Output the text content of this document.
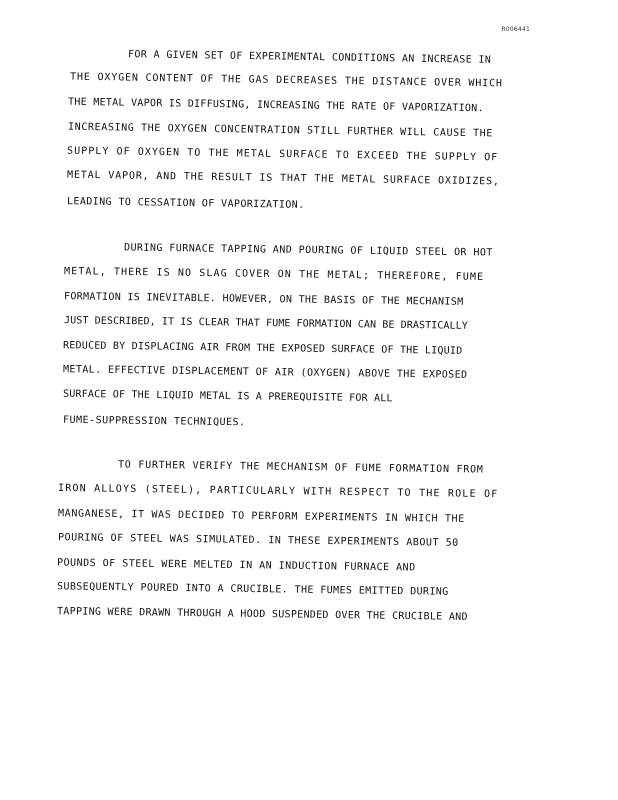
R006441

FOR A GIVEN SET OF EXPERIMENTAL CONDITIONS AN INCREASE IN

THE OXYGEN CONTENT OF THE GAS DECREASES THE DISTANCE OVER WHICH

THE METAL VAPOR IS DIFFUSING, INCREASING THE RATE OF VAPORIZATION.

INCREASING THE OXYGEN CONCENTRATION STILL FURTHER WILL CAUSE THE

SUPPLY OF OXYGEN TO THE METAL SURFACE TO EXCEED THE SUPPLY OF

METAL VAPOR, AND THE RESULT IS THAT THE METAL SURFACE OXIDIZES,

LEADING TO CESSATION OF VAPORIZATION.

DURING FURNACE TAPPING AND POURING OF LIQUID STEEL OR HOT

METAL, THERE IS NO SLAG COVER ON THE METAL; THEREFORE, FUME

FORMATION IS INEVITABLE. HOWEVER, ON THE BASIS OF THE MECHANISM

JUST DESCRIBED, IT IS CLEAR THAT FUME FORMATION CAN BE DRASTICALLY

REDUCED BY DISPLACING AIR FROM THE EXPOSED SURFACE OF THE LIQUID

METAL. EFFECTIVE DISPLACEMENT OF AIR (OXYGEN) ABOVE THE EXPOSED

SURFACE OF THE LIQUID METAL IS A PREREQUISITE FOR ALL

FUME-SUPPRESSION TECHNIQUES.

TO FURTHER VERIFY THE MECHANISM OF FUME FORMATION FROM

IRON ALLOYS (STEEL), PARTICULARLY WITH RESPECT TO THE ROLE OF

MANGANESE, IT WAS DECIDED TO PERFORM EXPERIMENTS IN WHICH THE

POURING OF STEEL WAS SIMULATED. IN THESE EXPERIMENTS ABOUT 50

POUNDS OF STEEL WERE MELTED IN AN INDUCTION FURNACE AND

SUBSEQUENTLY POURED INTO A CRUCIBLE. THE FUMES EMITTED DURING

TAPPING WERE DRAWN THROUGH A HOOD SUSPENDED OVER THE CRUCIBLE AND
